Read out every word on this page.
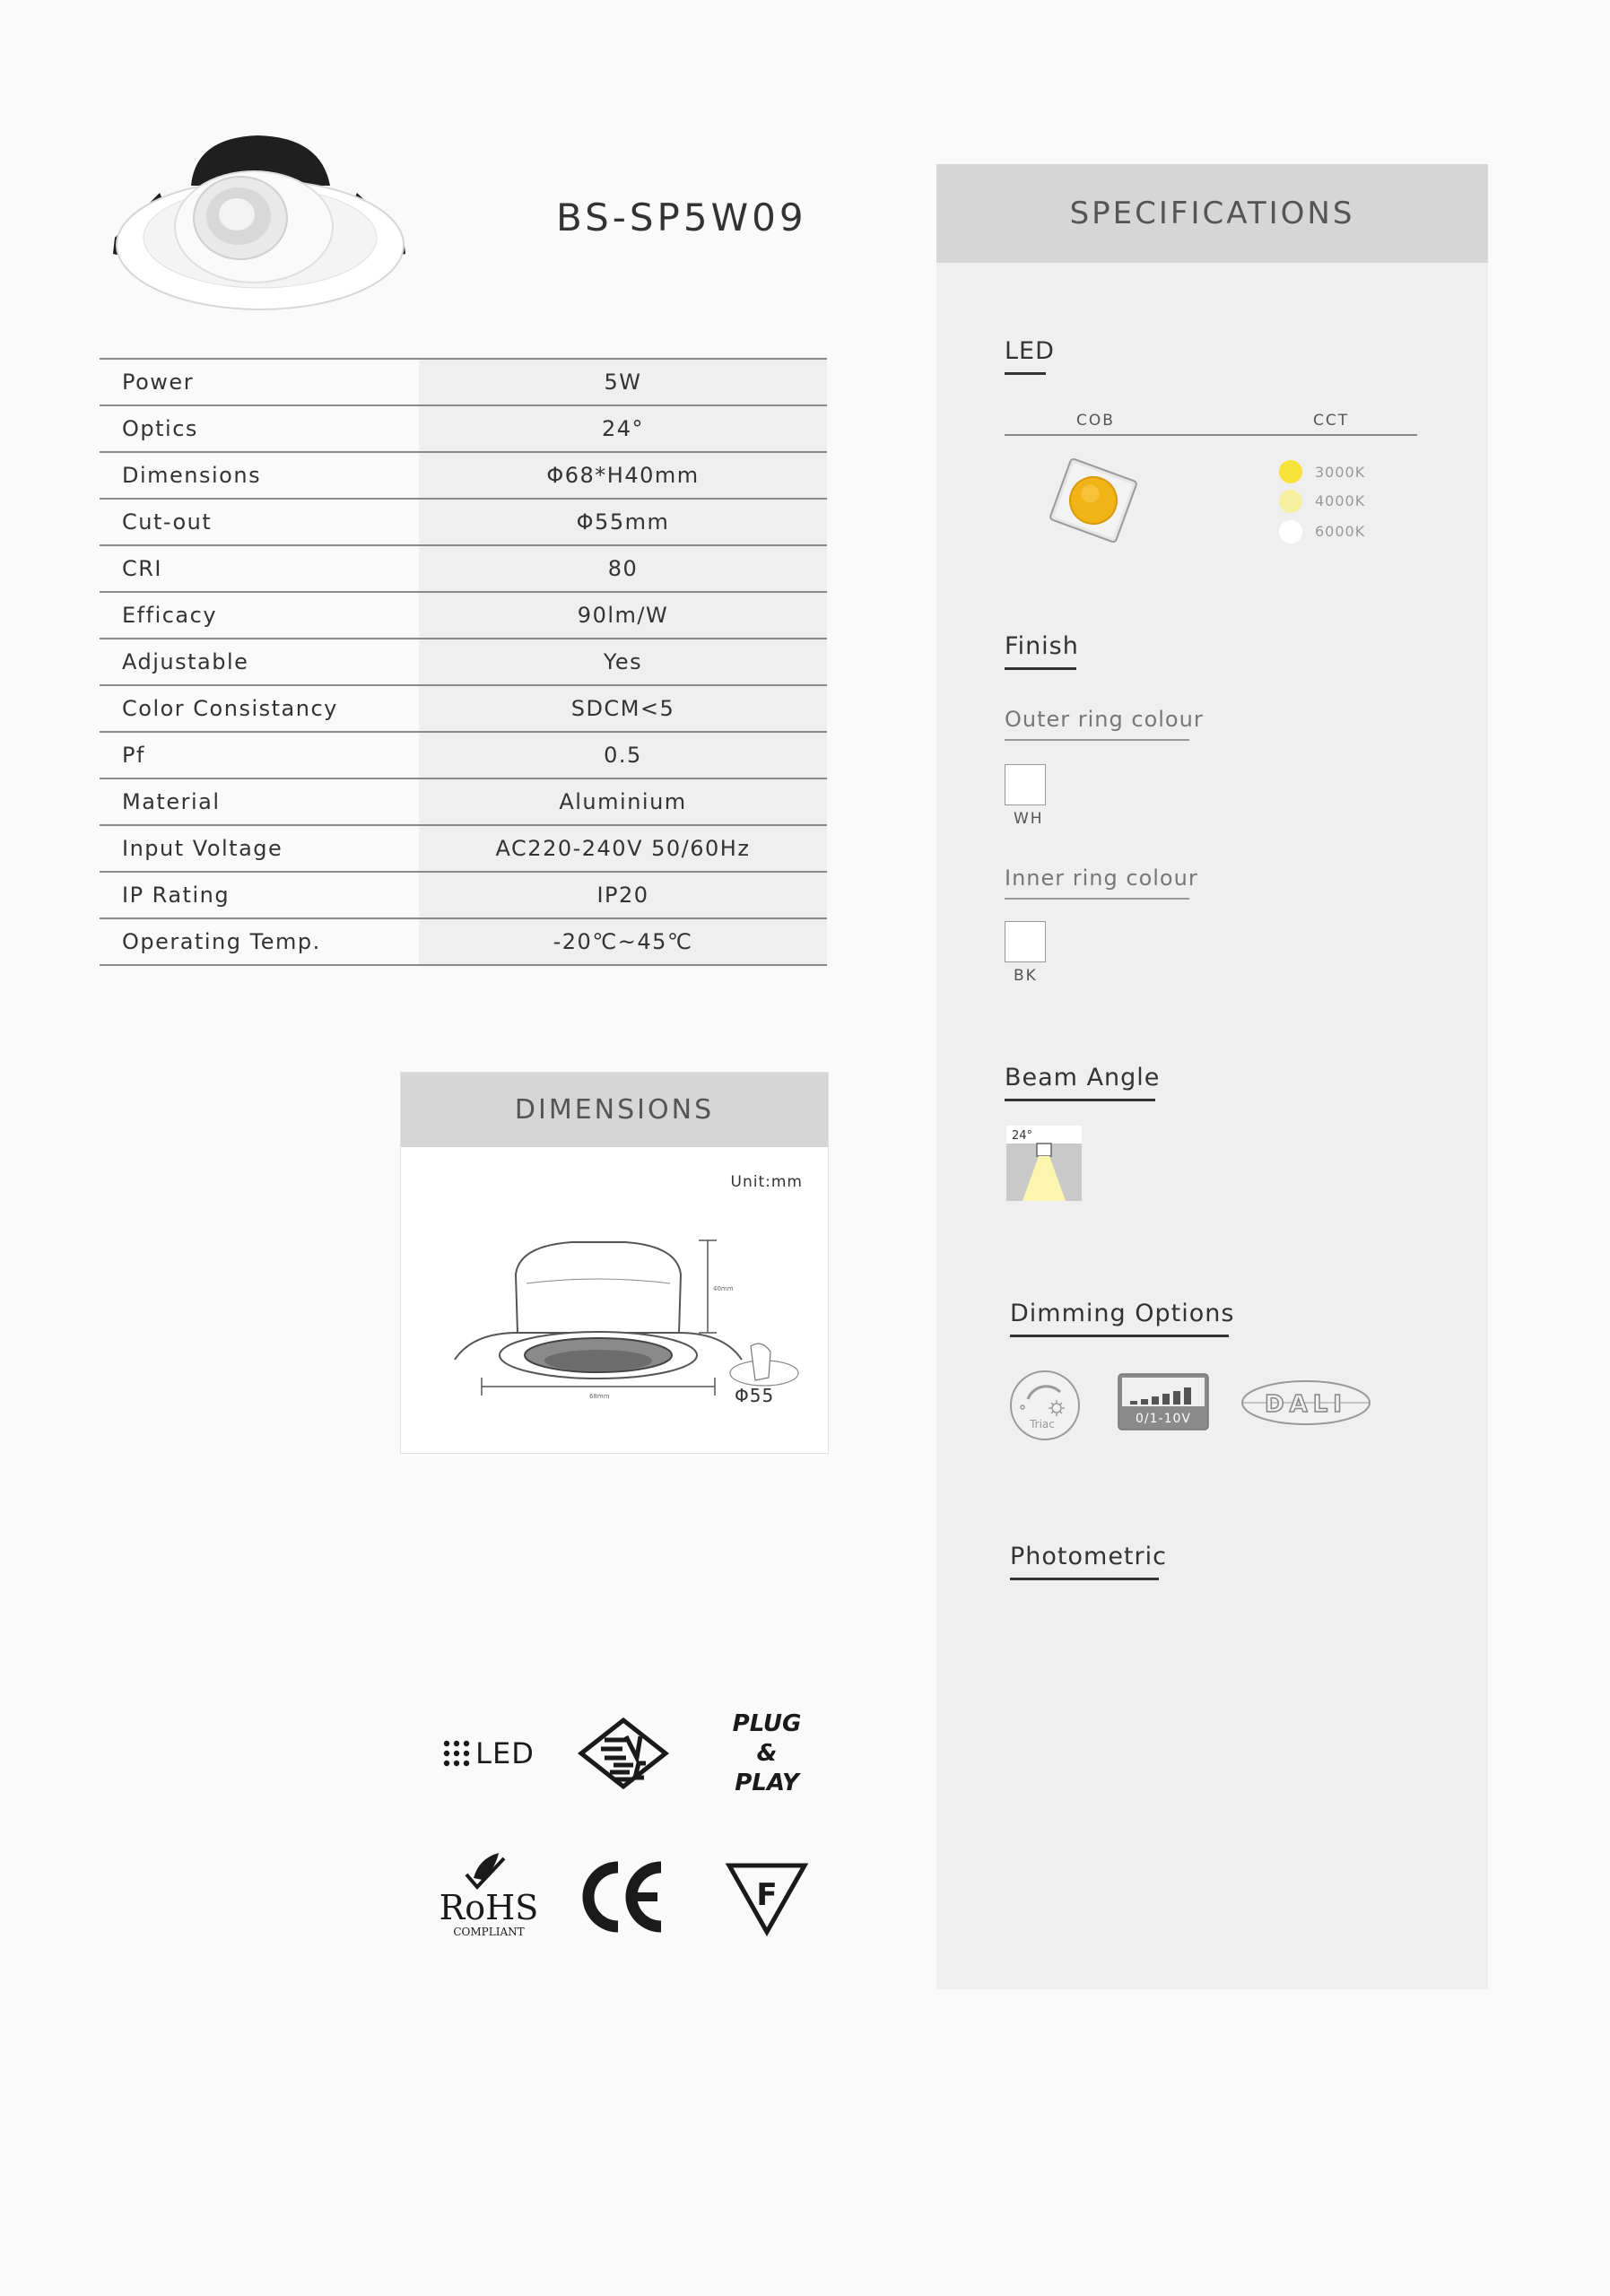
BS-SP5W09
Power	5W
Optics	24°
Dimensions	Φ68*H40mm
Cut-out	Φ55mm
CRI	80
Efficacy	90lm/W
Adjustable	Yes
Color Consistancy	SDCM<5
Pf	0.5
Material	Aluminium
Input Voltage	AC220-240V 50/60Hz
IP Rating	IP20
Operating Temp.	-20℃~45℃
DIMENSIONS
Unit:mm
40mm
68mm	Φ55
LED
PLUG
&
PLAY
RoHS
COMPLIANT
CE	F
SPECIFICATIONS
LED
COB	CCT
3000K
4000K
6000K
Finish
Outer ring colour
WH
Inner ring colour
BK
Beam Angle
24°
Dimming Options
Triac	0/1-10V
DALI
Photometric
